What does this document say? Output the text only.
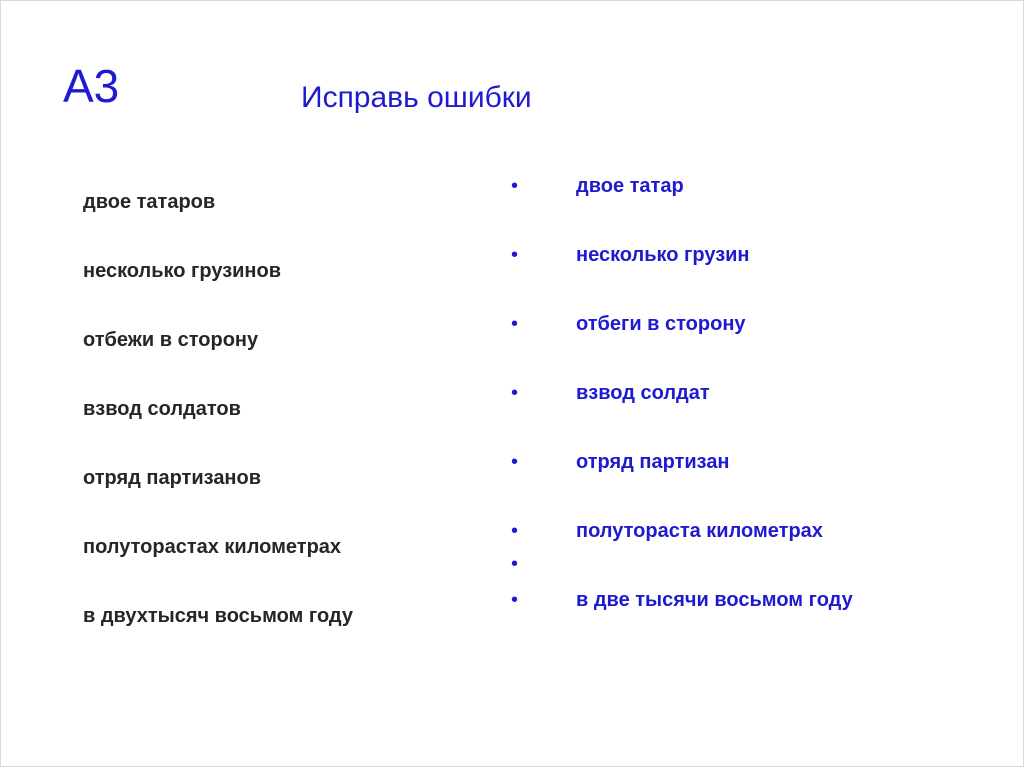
А3	Исправь ошибки
двое татаров
несколько грузинов
отбежи в сторону
взвод солдатов
отряд партизанов
полуторастах километрах
в двухтысяч восьмом году
•	двое татар
•	несколько грузин
•	отбеги в сторону
•	взвод солдат
•	отряд партизан
•	полутораста километрах
•
•	в две тысячи восьмом году
